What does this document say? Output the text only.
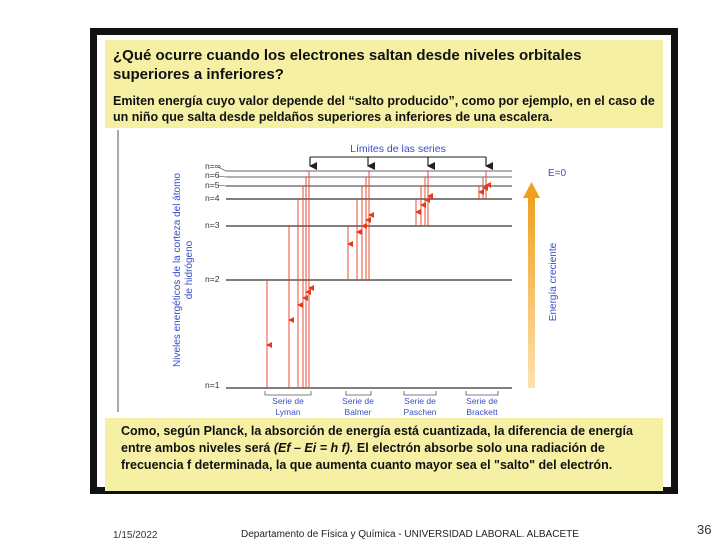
¿Qué ocurre cuando los electrones saltan desde niveles orbitales superiores a inferiores?
Emiten energía cuyo valor depende del “salto producido”, como por ejemplo, en el caso de un niño que salta desde peldaños superiores a inferiores de una escalera.
Niveles energéticos de la corteza del átomo de hidrógeno
Límites de las series
n=∞
n=6
n=5
n=4
n=3
n=2
n=1
Serie de
Lyman
Serie de
Balmer
Serie de
Paschen
Serie de
Brackett
E=0
Energía creciente
Como, según Planck, la absorción de energía está cuantizada, la diferencia de energía entre ambos niveles será (Ef – Ei = h f). El electrón absorbe solo una radiación de frecuencia f determinada, la que aumenta cuanto mayor sea el "salto" del electrón.
1/15/2022	Departamento de Física y Química - UNIVERSIDAD LABORAL. ALBACETE	36
